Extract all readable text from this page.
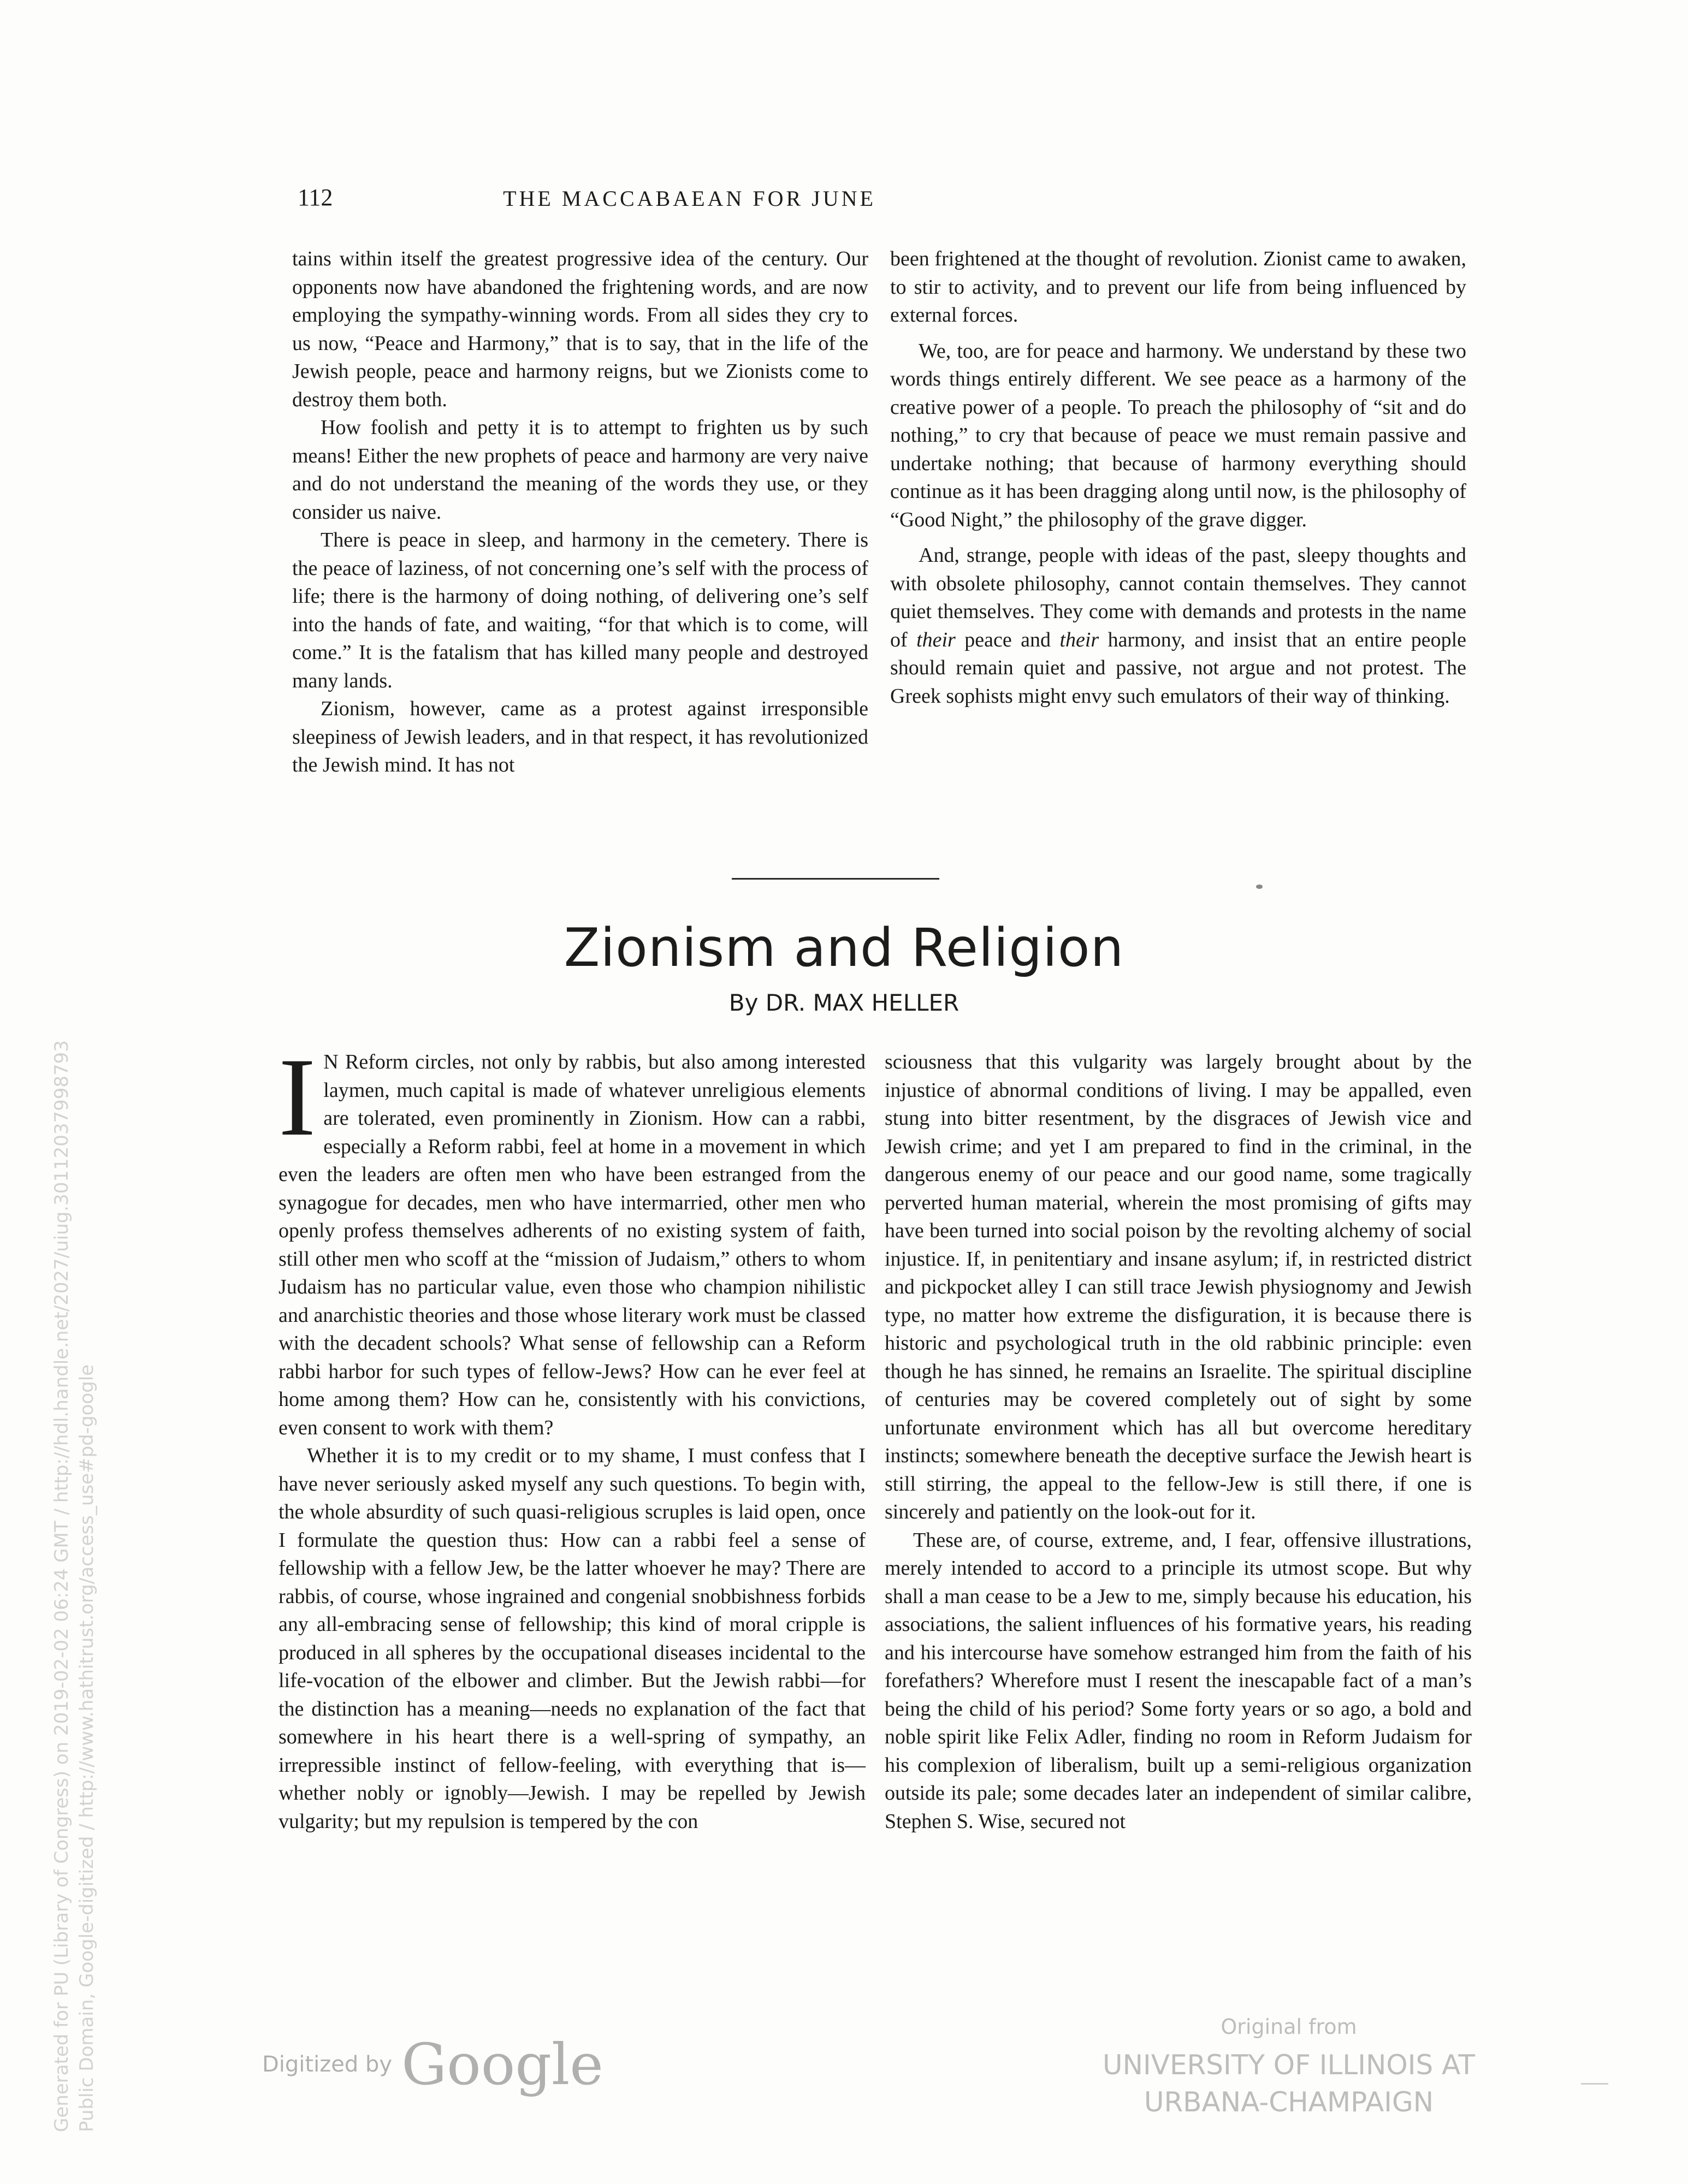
112	THE MACCABAEAN FOR JUNE

tains within itself the greatest progressive idea of the century. Our opponents now have abandoned the frightening words, and are now employing the sympathy-winning words. From all sides they cry to us now, “Peace and Harmony,” that is to say, that in the life of the Jewish people, peace and harmony reigns, but we Zionists come to destroy them both.

How foolish and petty it is to attempt to frighten us by such means! Either the new prophets of peace and harmony are very naive and do not understand the meaning of the words they use, or they consider us naive.

There is peace in sleep, and harmony in the cemetery. There is the peace of laziness, of not concerning one’s self with the process of life; there is the harmony of doing nothing, of delivering one’s self into the hands of fate, and waiting, “for that which is to come, will come.” It is the fatalism that has killed many people and destroyed many lands.

Zionism, however, came as a protest against irresponsible sleepiness of Jewish leaders, and in that respect, it has revolutionized the Jewish mind. It has not

been frightened at the thought of revolution. Zionist came to awaken, to stir to activity, and to prevent our life from being influenced by external forces.

We, too, are for peace and harmony. We understand by these two words things entirely different. We see peace as a harmony of the creative power of a people. To preach the philosophy of “sit and do nothing,” to cry that because of peace we must remain passive and undertake nothing; that because of harmony everything should continue as it has been dragging along until now, is the philosophy of “Good Night,” the philosophy of the grave digger.

And, strange, people with ideas of the past, sleepy thoughts and with obsolete philosophy, cannot contain themselves. They cannot quiet themselves. They come with demands and protests in the name of their peace and their harmony, and insist that an entire people should remain quiet and passive, not argue and not protest. The Greek sophists might envy such emulators of their way of thinking.

Zionism and Religion
By DR. MAX HELLER

I N Reform circles, not only by rabbis, but also among interested laymen, much capital is made of whatever unreligious elements are tolerated, even prominently in Zionism. How can a rabbi, especially a Reform rabbi, feel at home in a movement in which even the leaders are often men who have been estranged from the synagogue for decades, men who have intermarried, other men who openly profess themselves adherents of no existing system of faith, still other men who scoff at the “mission of Judaism,” others to whom Judaism has no particular value, even those who champion nihilistic and anarchistic theories and those whose literary work must be classed with the decadent schools? What sense of fellowship can a Reform rabbi harbor for such types of fellow-Jews? How can he ever feel at home among them? How can he, consistently with his convictions, even consent to work with them?

Whether it is to my credit or to my shame, I must confess that I have never seriously asked myself any such questions. To begin with, the whole absurdity of such quasi-religious scruples is laid open, once I formulate the question thus: How can a rabbi feel a sense of fellowship with a fellow Jew, be the latter whoever he may? There are rabbis, of course, whose ingrained and congenial snobbishness forbids any all-embracing sense of fellowship; this kind of moral cripple is produced in all spheres by the occupational diseases incidental to the life-vocation of the elbower and climber. But the Jewish rabbi—for the distinction has a meaning—needs no explanation of the fact that somewhere in his heart there is a well-spring of sympathy, an irrepressible instinct of fellow-feeling, with everything that is—whether nobly or ignobly—Jewish. I may be repelled by Jewish vulgarity; but my repulsion is tempered by the con

sciousness that this vulgarity was largely brought about by the injustice of abnormal conditions of living. I may be appalled, even stung into bitter resentment, by the disgraces of Jewish vice and Jewish crime; and yet I am prepared to find in the criminal, in the dangerous enemy of our peace and our good name, some tragically perverted human material, wherein the most promising of gifts may have been turned into social poison by the revolting alchemy of social injustice. If, in penitentiary and insane asylum; if, in restricted district and pickpocket alley I can still trace Jewish physiognomy and Jewish type, no matter how extreme the disfiguration, it is because there is historic and psychological truth in the old rabbinic principle: even though he has sinned, he remains an Israelite. The spiritual discipline of centuries may be covered completely out of sight by some unfortunate environment which has all but overcome hereditary instincts; somewhere beneath the deceptive surface the Jewish heart is still stirring, the appeal to the fellow-Jew is still there, if one is sincerely and patiently on the look-out for it.

These are, of course, extreme, and, I fear, offensive illustrations, merely intended to accord to a principle its utmost scope. But why shall a man cease to be a Jew to me, simply because his education, his associations, the salient influences of his formative years, his reading and his intercourse have somehow estranged him from the faith of his forefathers? Wherefore must I resent the inescapable fact of a man’s being the child of his period? Some forty years or so ago, a bold and noble spirit like Felix Adler, finding no room in Reform Judaism for his complexion of liberalism, built up a semi-religious organization outside its pale; some decades later an independent of similar calibre, Stephen S. Wise, secured not

Digitized by Google
Original from
UNIVERSITY OF ILLINOIS AT
URBANA-CHAMPAIGN
Generated for PU (Library of Congress) on 2019-02-02 06:24 GMT / http://hdl.handle.net/2027/uiug.30112037998793 Public Domain, Google-digitized / http://www.hathitrust.org/access_use#pd-google
